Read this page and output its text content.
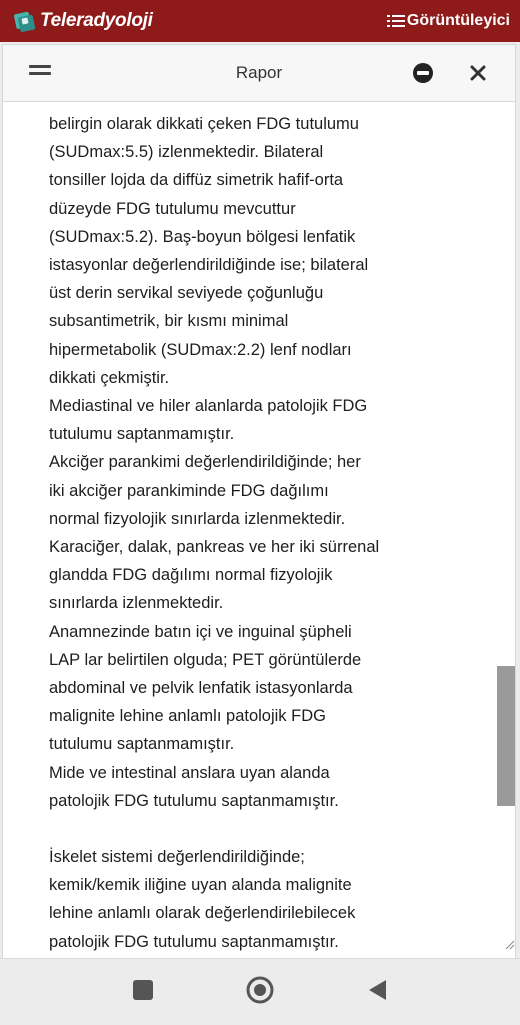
Teleradyoloji	Görüntüleyici
Rapor
belirgin olarak dikkati çeken FDG tutulumu
(SUDmax:5.5) izlenmektedir. Bilateral
tonsiller lojda da diffüz simetrik hafif-orta
düzeyde FDG tutulumu mevcuttur
(SUDmax:5.2). Baş-boyun bölgesi lenfatik
istasyonlar değerlendirildiğinde ise; bilateral
üst derin servikal seviyede çoğunluğu
subsantimetrik, bir kısmı minimal
hipermetabolik (SUDmax:2.2) lenf nodları
dikkati çekmiştir.
Mediastinal ve hiler alanlarda patolojik FDG
tutulumu saptanmamıştır.
Akciğer parankimi değerlendirildiğinde; her
iki akciğer parankiminde FDG dağılımı
normal fizyolojik sınırlarda izlenmektedir.
Karaciğer, dalak, pankreas ve her iki sürrenal
glandda FDG dağılımı normal fizyolojik
sınırlarda izlenmektedir.
Anamnezinde batın içi ve inguinal şüpheli
LAP lar belirtilen olguda; PET görüntülerde
abdominal ve pelvik lenfatik istasyonlarda
malignite lehine anlamlı patolojik FDG
tutulumu saptanmamıştır.
Mide ve intestinal anslara uyan alanda
patolojik FDG tutulumu saptanmamıştır.
İskelet sistemi değerlendirildiğinde;
kemik/kemik iliğine uyan alanda malignite
lehine anlamlı olarak değerlendirilebilecek
patolojik FDG tutulumu saptanmamıştır.
